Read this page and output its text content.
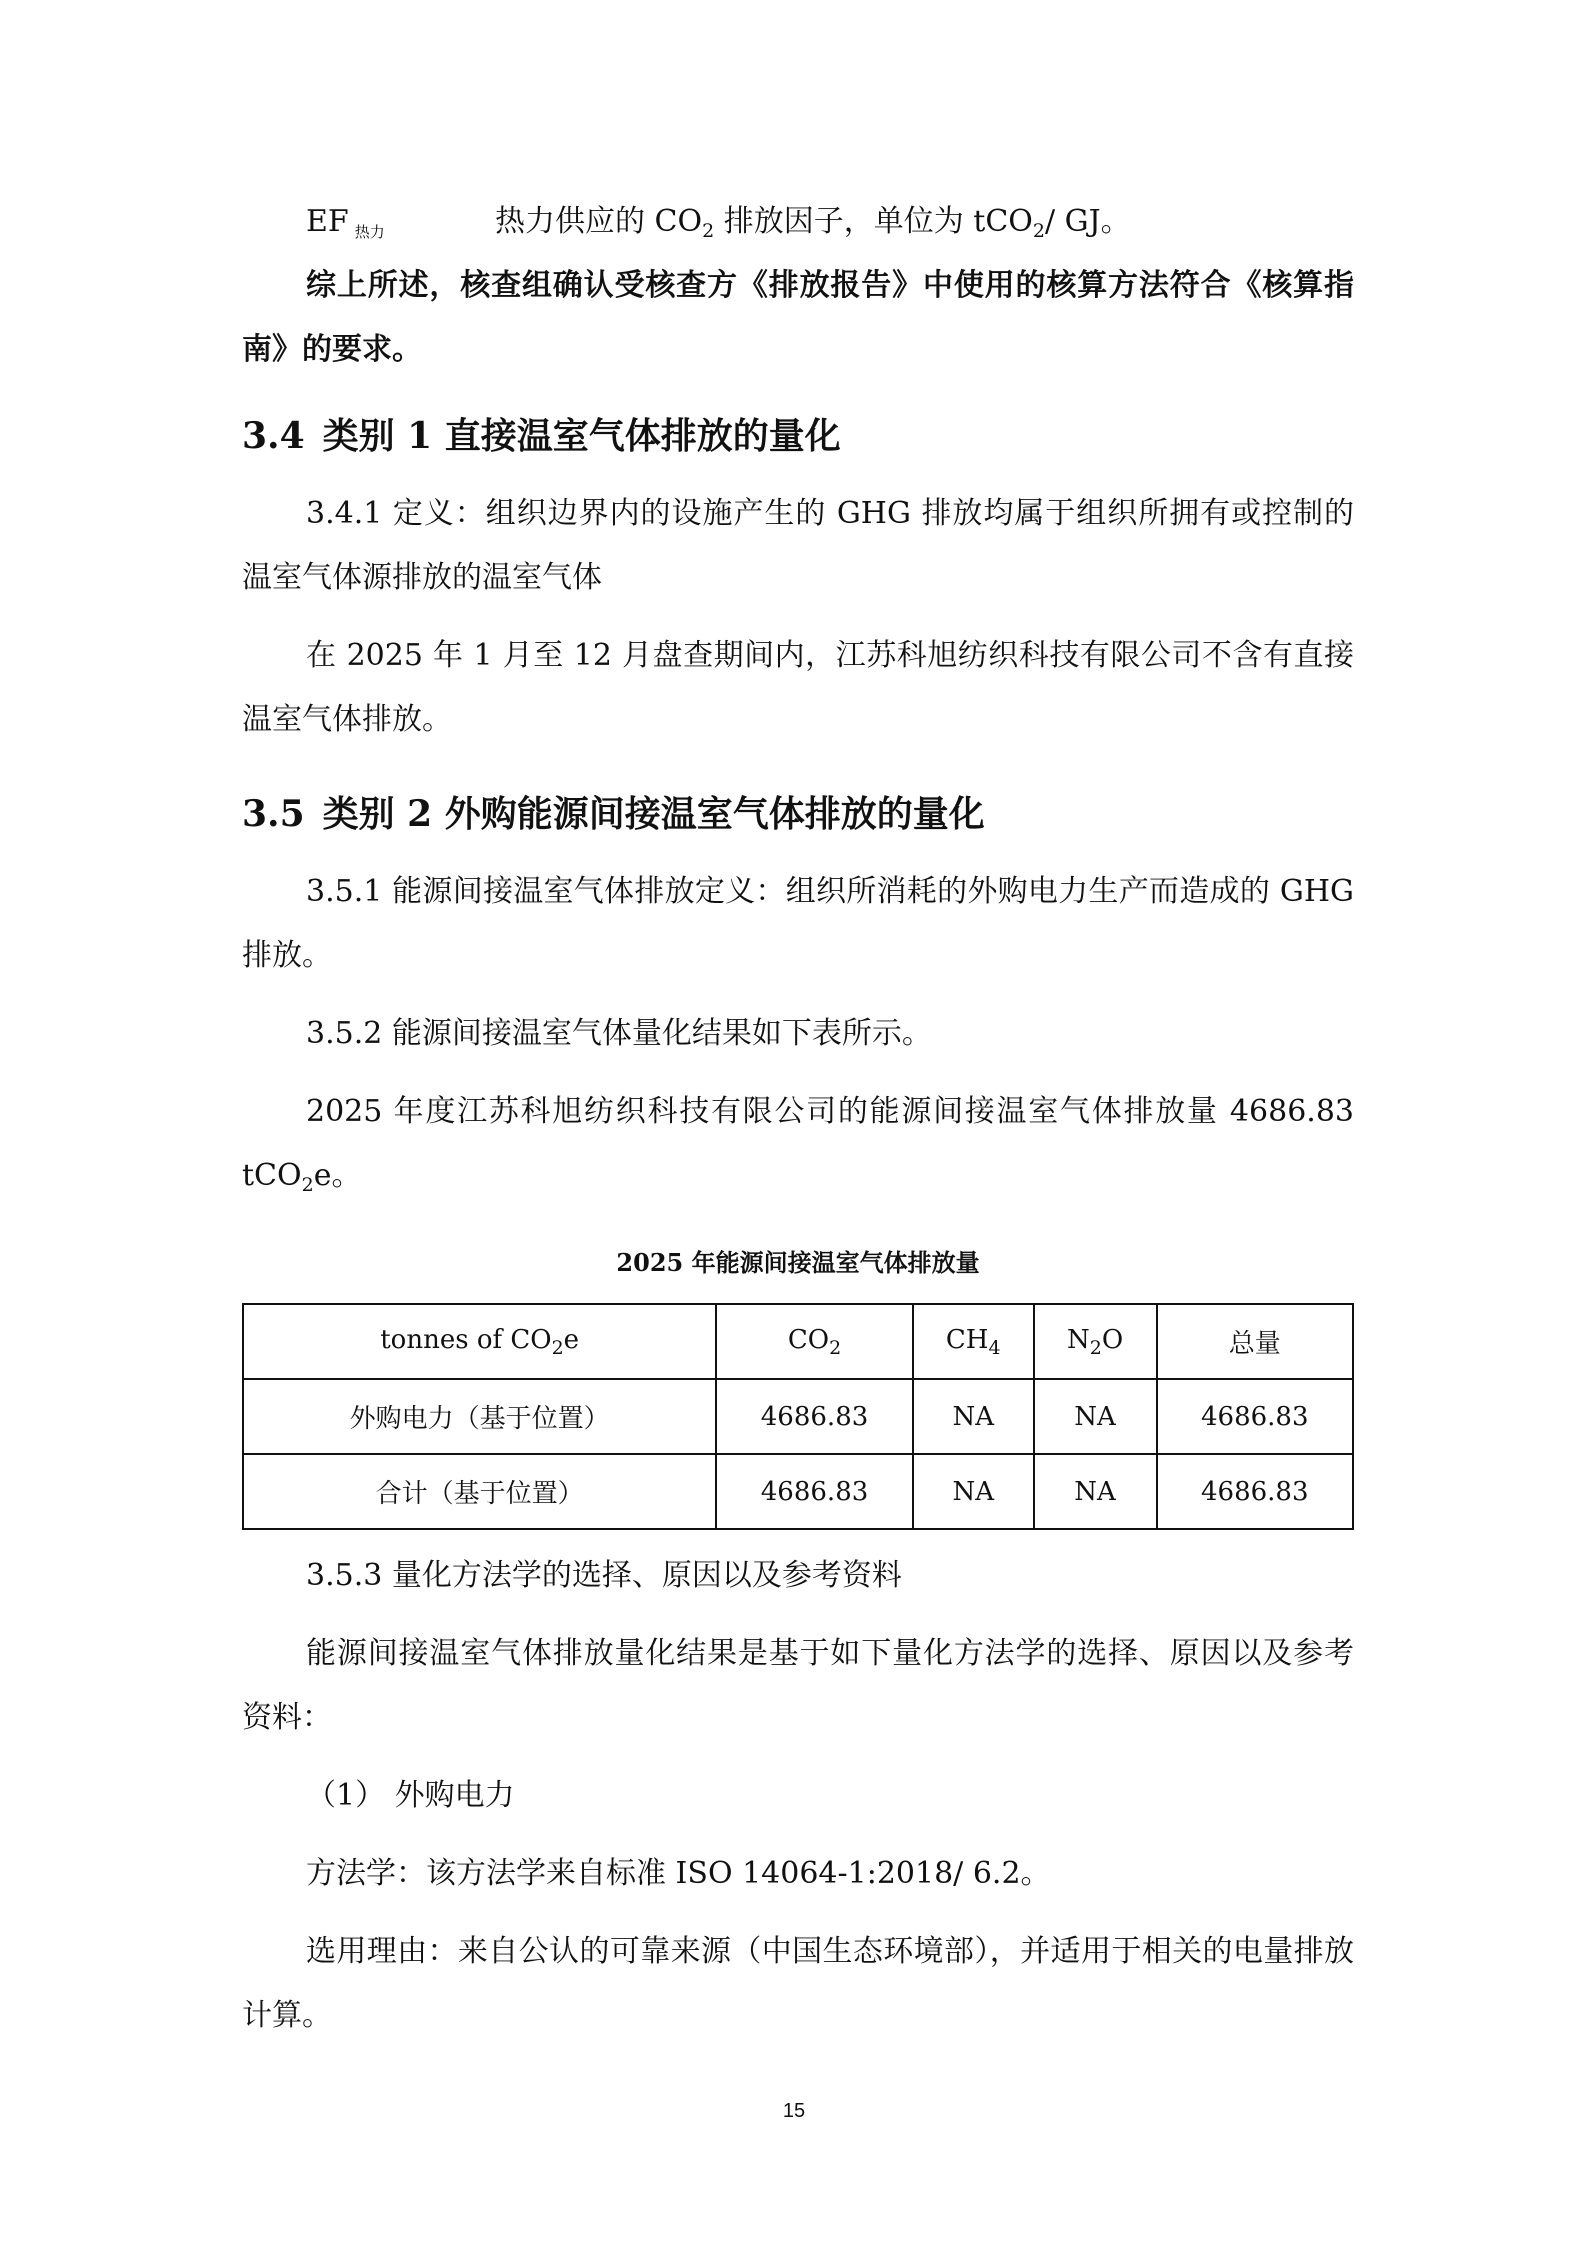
EF $_{热力}$	热力供应的 $CO_2$ 排放因子，单位为 tCO$_2$/ GJ。

综上所述，核查组确认受核查方《排放报告》中使用的核算方法符合《核算指南》的要求。

3.4 类别 1 直接温室气体排放的量化

3.4.1 定义：组织边界内的设施产生的 GHG 排放均属于组织所拥有或控制的温室气体源排放的温室气体

在 2025 年 1 月至 12 月盘查期间内，江苏科旭纺织科技有限公司不含有直接温室气体排放。

3.5 类别 2 外购能源间接温室气体排放的量化

3.5.1 能源间接温室气体排放定义：组织所消耗的外购电力生产而造成的 GHG 排放。

3.5.2 能源间接温室气体量化结果如下表所示。

2025 年度江苏科旭纺织科技有限公司的能源间接温室气体排放量 4686.83 tCO$_2$e。

2025 年能源间接温室气体排放量
tonnes of $CO_2e$	$CO_2$	$CH_4$	$N_2O$	总量
外购电力（基于位置）	4686.83	NA	NA	4686.83
合计（基于位置）	4686.83	NA	NA	4686.83

3.5.3 量化方法学的选择、原因以及参考资料

能源间接温室气体排放量化结果是基于如下量化方法学的选择、原因以及参考资料：

（1） 外购电力

方法学：该方法学来自标准 ISO 14064-1:2018/ 6.2。

选用理由：来自公认的可靠来源（中国生态环境部），并适用于相关的电量排放计算。

15
